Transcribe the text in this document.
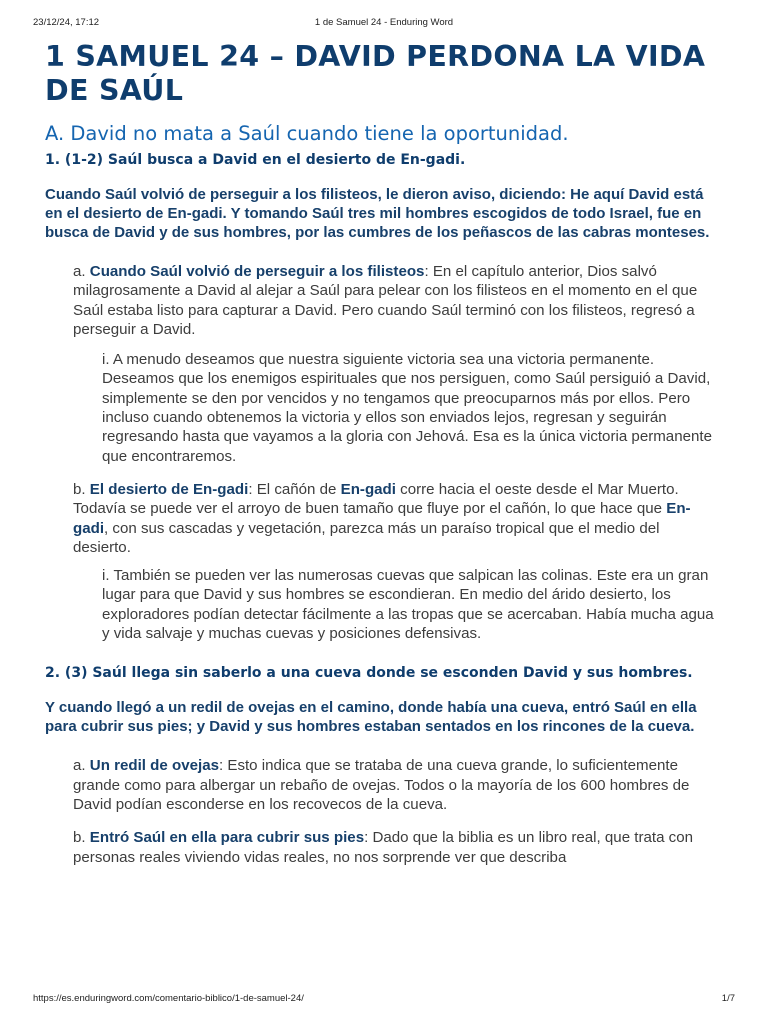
23/12/24, 17:12	1 de Samuel 24 - Enduring Word
1 SAMUEL 24 – DAVID PERDONA LA VIDA DE SAÚL
A. David no mata a Saúl cuando tiene la oportunidad.
1. (1-2) Saúl busca a David en el desierto de En-gadi.

Cuando Saúl volvió de perseguir a los filisteos, le dieron aviso, diciendo: He aquí David está en el desierto de En-gadi. Y tomando Saúl tres mil hombres escogidos de todo Israel, fue en busca de David y de sus hombres, por las cumbres de los peñascos de las cabras monteses.

a. Cuando Saúl volvió de perseguir a los filisteos: En el capítulo anterior, Dios salvó milagrosamente a David al alejar a Saúl para pelear con los filisteos en el momento en el que Saúl estaba listo para capturar a David. Pero cuando Saúl terminó con los filisteos, regresó a perseguir a David.

i. A menudo deseamos que nuestra siguiente victoria sea una victoria permanente. Deseamos que los enemigos espirituales que nos persiguen, como Saúl persiguió a David, simplemente se den por vencidos y no tengamos que preocuparnos más por ellos. Pero incluso cuando obtenemos la victoria y ellos son enviados lejos, regresan y seguirán regresando hasta que vayamos a la gloria con Jehová. Esa es la única victoria permanente que encontraremos.

b. El desierto de En-gadi: El cañón de En-gadi corre hacia el oeste desde el Mar Muerto. Todavía se puede ver el arroyo de buen tamaño que fluye por el cañón, lo que hace que En-gadi, con sus cascadas y vegetación, parezca más un paraíso tropical que el medio del desierto.

i. También se pueden ver las numerosas cuevas que salpican las colinas. Este era un gran lugar para que David y sus hombres se escondieran. En medio del árido desierto, los exploradores podían detectar fácilmente a las tropas que se acercaban. Había mucha agua y vida salvaje y muchas cuevas y posiciones defensivas.

2. (3) Saúl llega sin saberlo a una cueva donde se esconden David y sus hombres.

Y cuando llegó a un redil de ovejas en el camino, donde había una cueva, entró Saúl en ella para cubrir sus pies; y David y sus hombres estaban sentados en los rincones de la cueva.

a. Un redil de ovejas: Esto indica que se trataba de una cueva grande, lo suficientemente grande como para albergar un rebaño de ovejas. Todos o la mayoría de los 600 hombres de David podían esconderse en los recovecos de la cueva.

b. Entró Saúl en ella para cubrir sus pies: Dado que la biblia es un libro real, que trata con personas reales viviendo vidas reales, no nos sorprende ver que describa

https://es.enduringword.com/comentario-biblico/1-de-samuel-24/	1/7
